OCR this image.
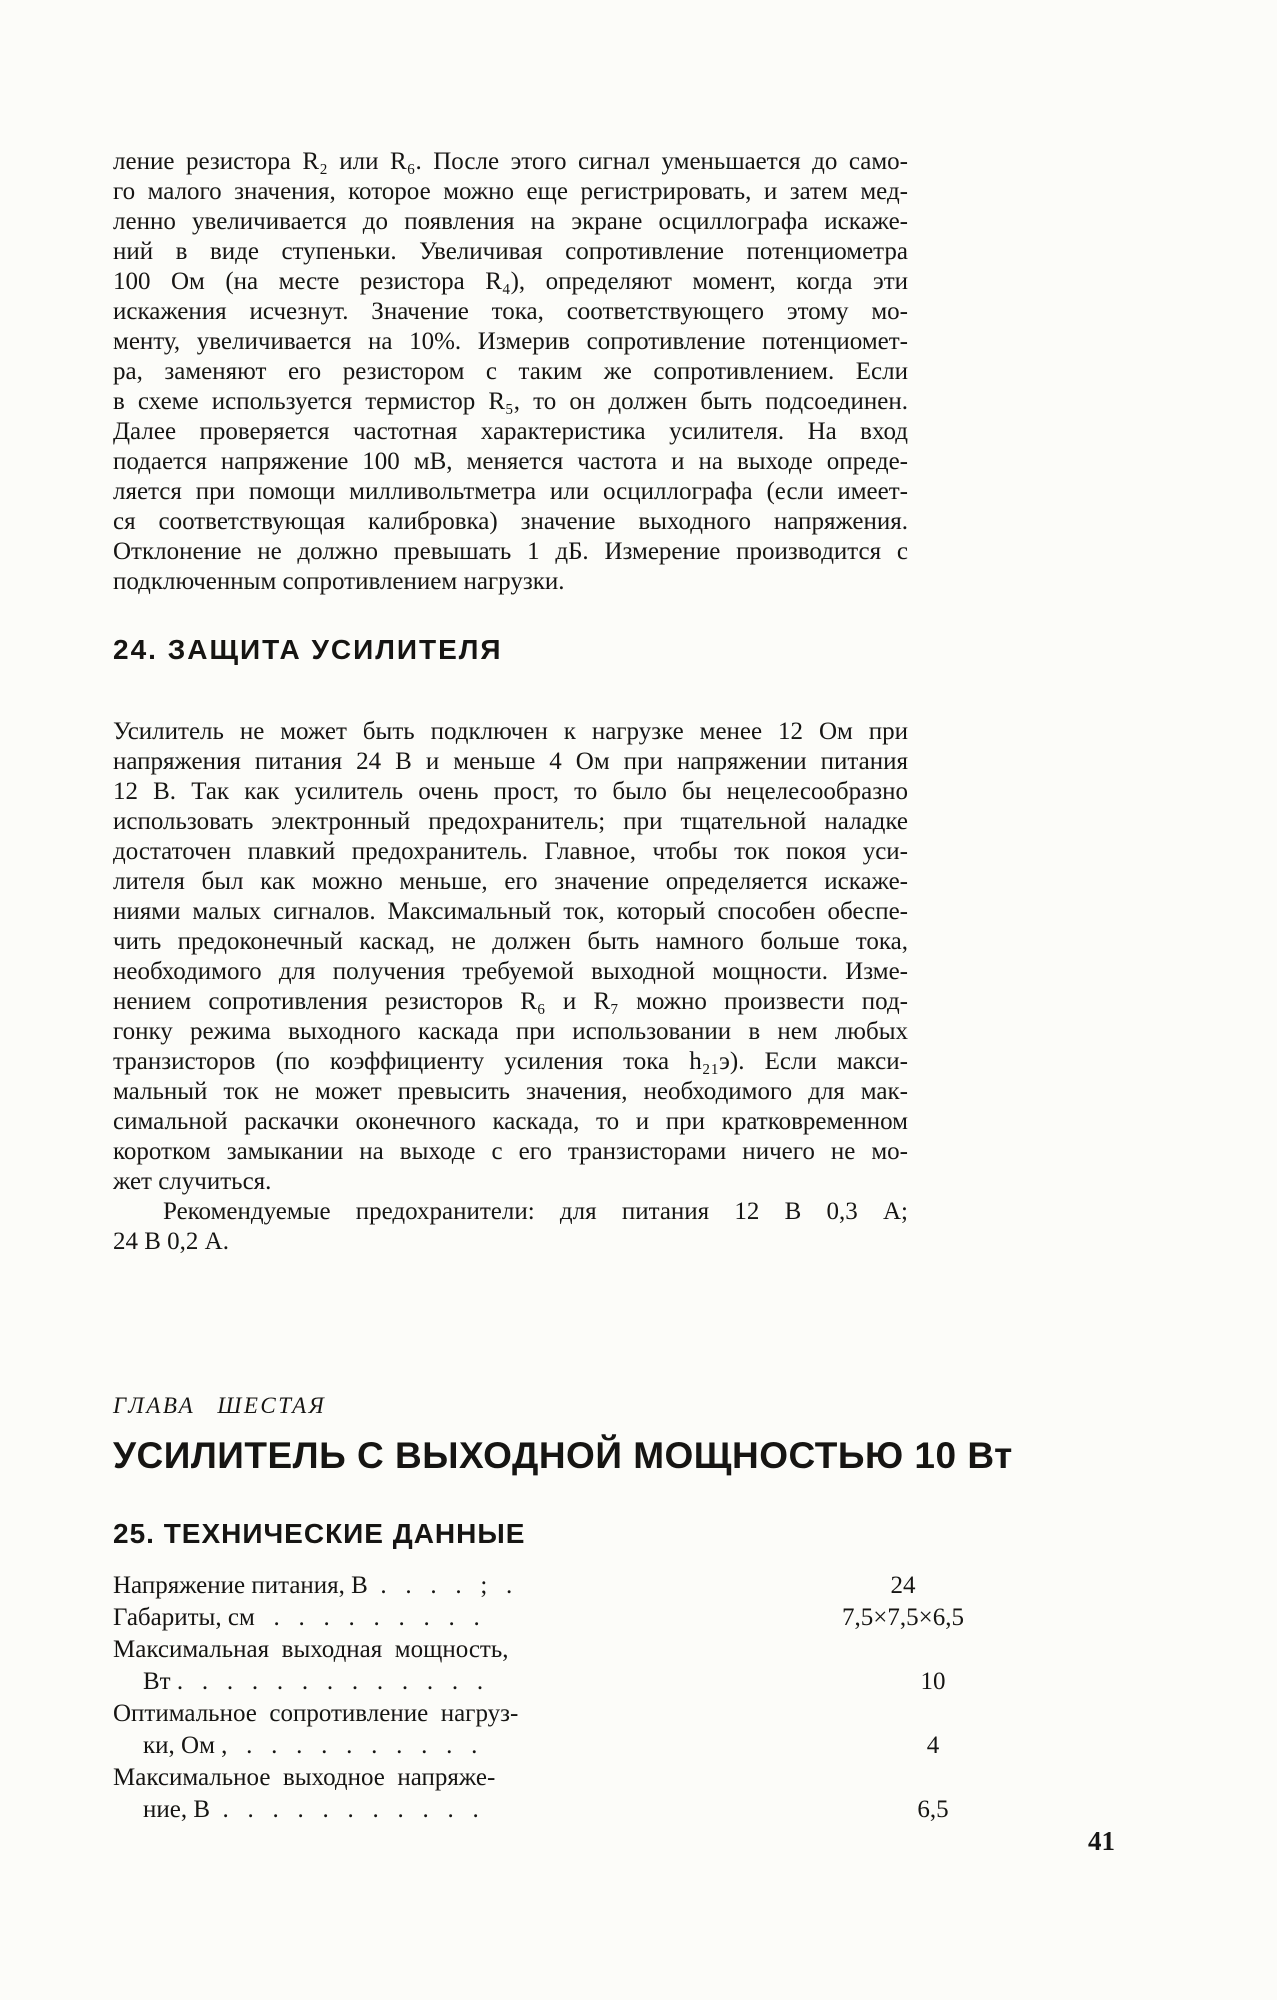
ление резистора R₂ или R₆. После этого сигнал уменьшается до само-
го малого значения, которое можно еще регистрировать, и затем мед-
ленно увеличивается до появления на экране осциллографа искаже-
ний в виде ступеньки. Увеличивая сопротивление потенциометра
100 Ом (на месте резистора R₄), определяют момент, когда эти
искажения исчезнут. Значение тока, соответствующего этому мо-
менту, увеличивается на 10%. Измерив сопротивление потенциомет-
ра, заменяют его резистором с таким же сопротивлением. Если
в схеме используется термистор R₅, то он должен быть подсоединен.
Далее проверяется частотная характеристика усилителя. На вход
подается напряжение 100 мВ, меняется частота и на выходе опреде-
ляется при помощи милливольтметра или осциллографа (если имеет-
ся соответствующая калибровка) значение выходного напряжения.
Отклонение не должно превышать 1 дБ. Измерение производится с
подключенным сопротивлением нагрузки.
24. ЗАЩИТА УСИЛИТЕЛЯ
Усилитель не может быть подключен к нагрузке менее 12 Ом при
напряжения питания 24 В и меньше 4 Ом при напряжении питания
12 В. Так как усилитель очень прост, то было бы нецелесообразно
использовать электронный предохранитель; при тщательной наладке
достаточен плавкий предохранитель. Главное, чтобы ток покоя уси-
лителя был как можно меньше, его значение определяется искаже-
ниями малых сигналов. Максимальный ток, который способен обеспе-
чить предоконечный каскад, не должен быть намного больше тока,
необходимого для получения требуемой выходной мощности. Изме-
нением сопротивления резисторов R₆ и R₇ можно произвести под-
гонку режима выходного каскада при использовании в нем любых
транзисторов (по коэффициенту усиления тока h₂₁э). Если макси-
мальный ток не может превысить значения, необходимого для мак-
симальной раскачки оконечного каскада, то и при кратковременном
коротком замыкании на выходе с его транзисторами ничего не мо-
жет случиться.
Рекомендуемые предохранители: для питания 12 В 0,3 А;
24 В 0,2 А.
ГЛАВА ШЕСТАЯ
УСИЛИТЕЛЬ С ВЫХОДНОЙ МОЩНОСТЬЮ 10 Вт
25. ТЕХНИЧЕСКИЕ ДАННЫЕ
Напряжение питания, В  .   .   .   .   ;   .	24
Габариты, см   .   .   .   .   .   .   .   .   .	7,5×7,5×6,5
Максимальная  выходная  мощность,
Вт .   .   .   .   .   .   .   .   .   .   .   .   .	10
Оптимальное  сопротивление  нагруз-
ки, Ом ,   .   .   .   .   .   .   .   .   .   .	4
Максимальное  выходное  напряже-
ние, В  .   .   .   .   .   .   .   .   .   .   .	6,5
41
